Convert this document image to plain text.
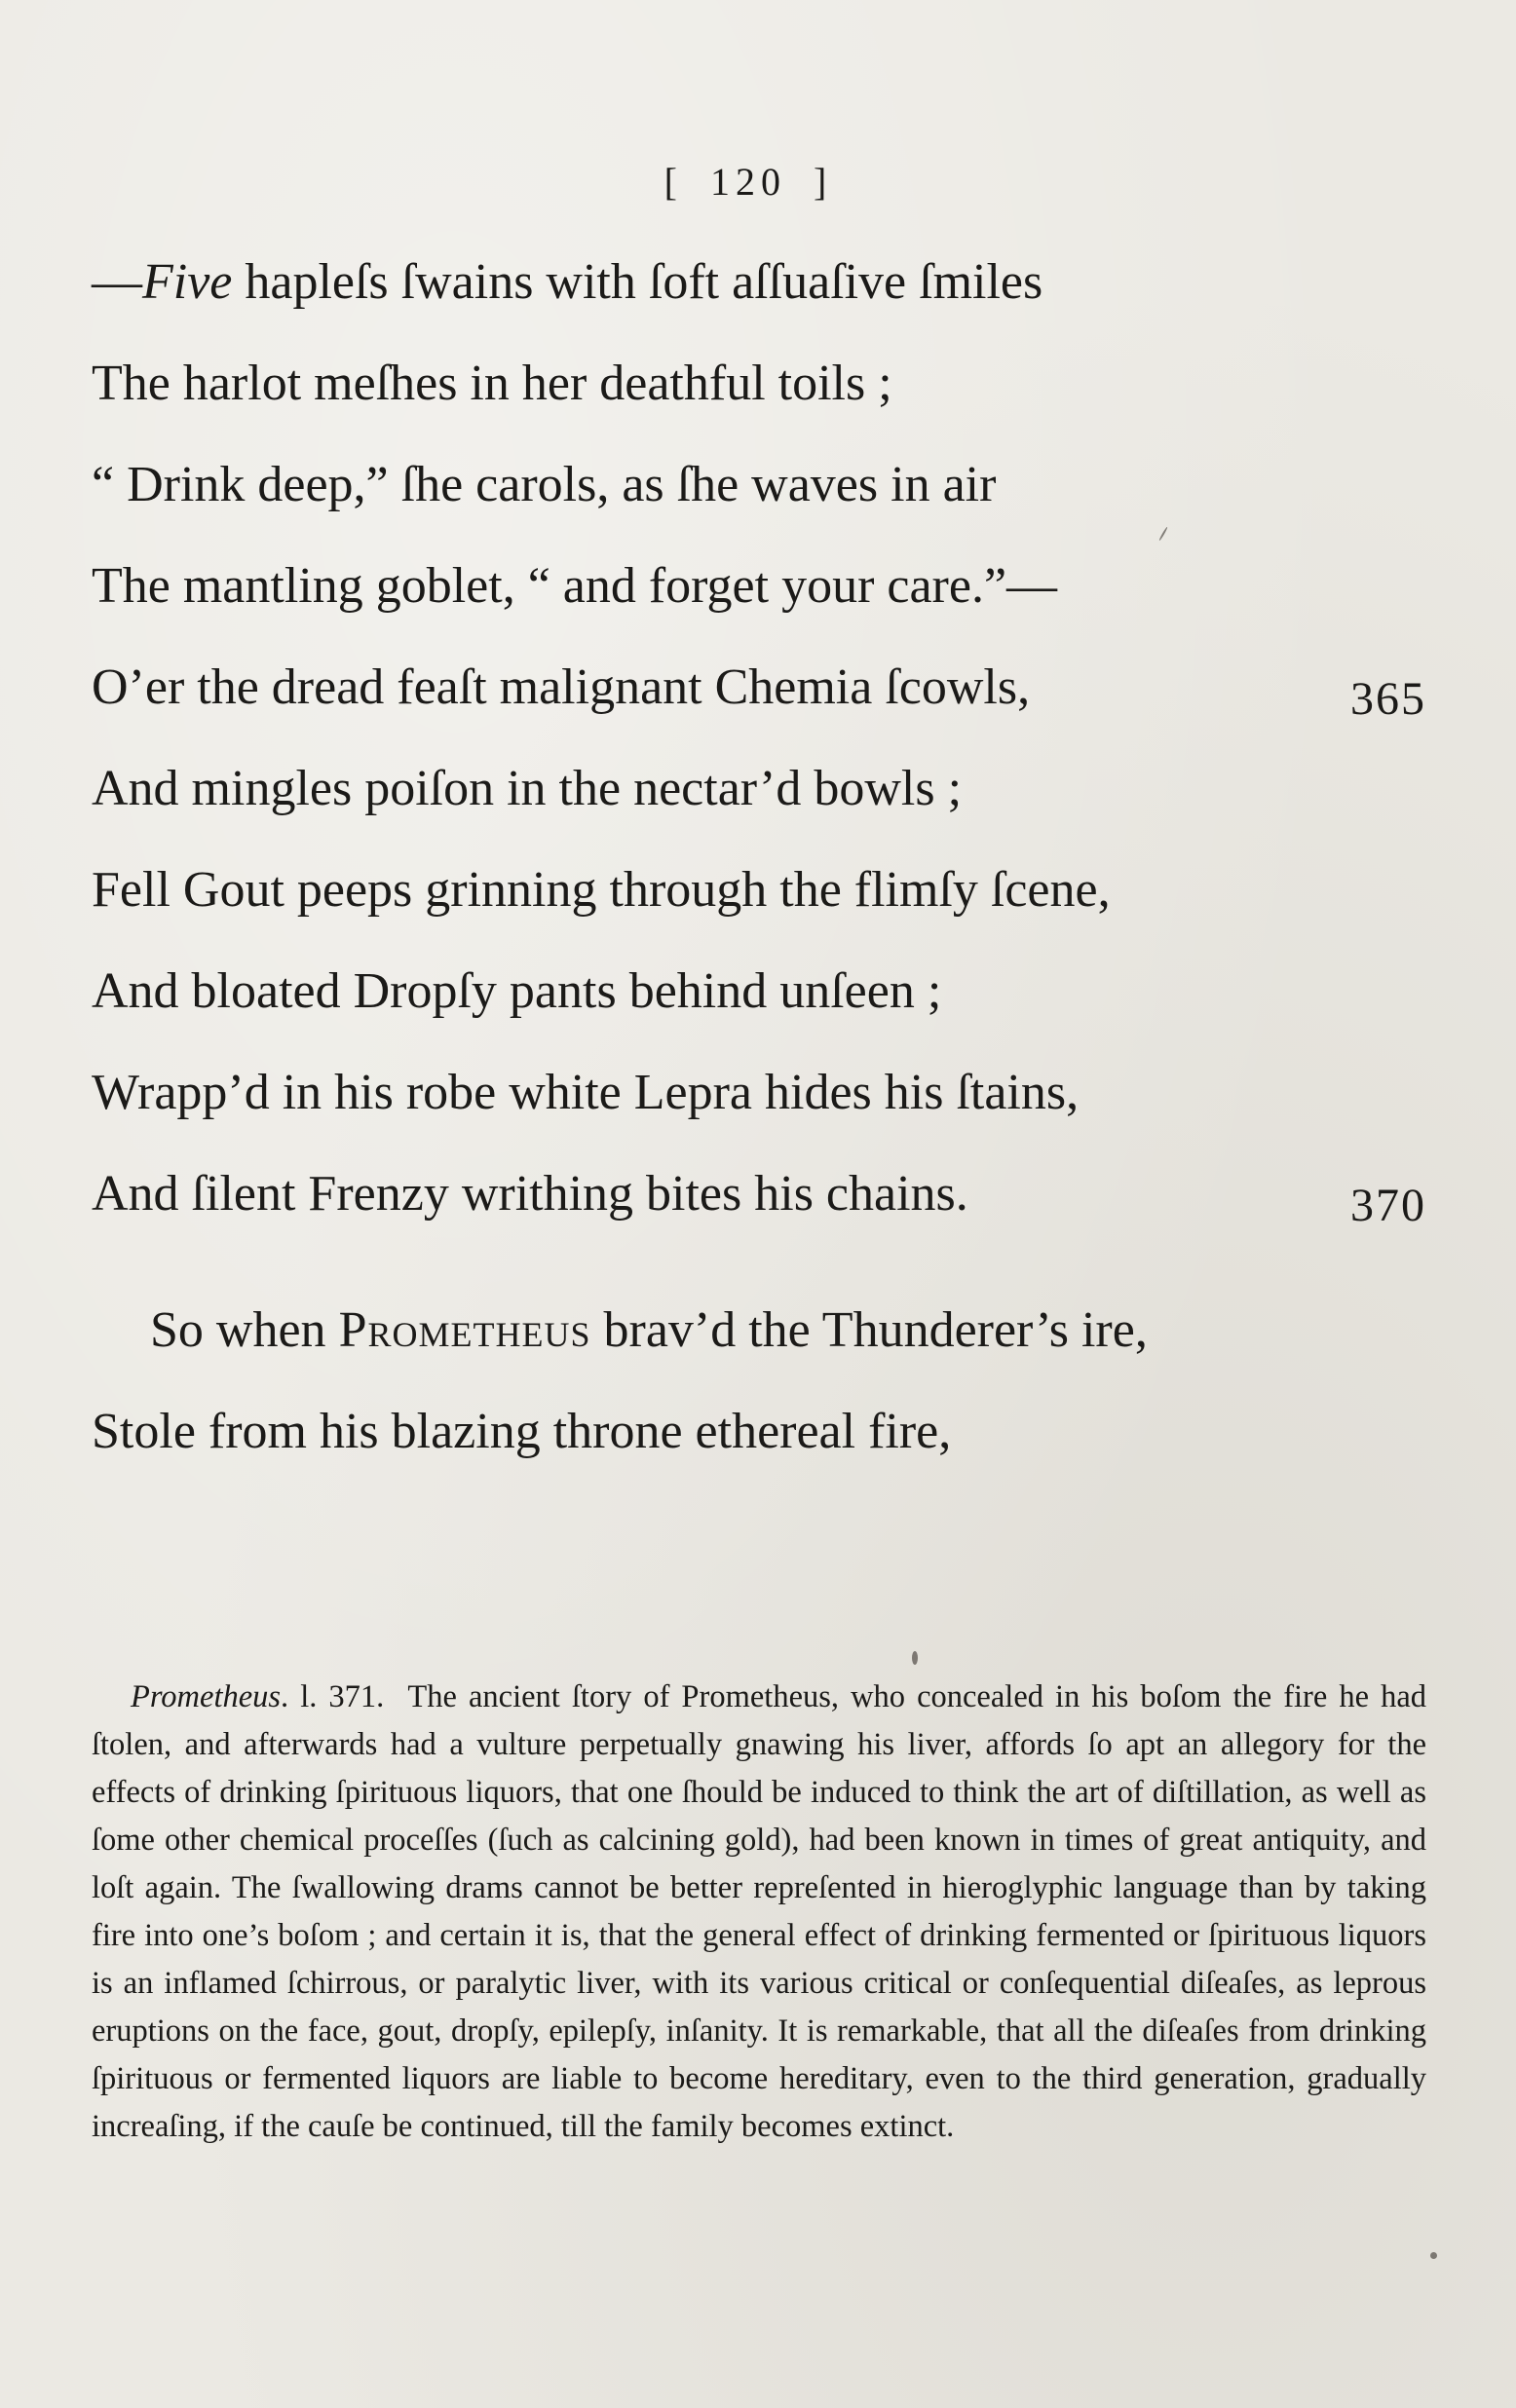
[ 120 ]
—Five hapleſs ſwains with ſoft aſſuaſive ſmiles
The harlot meſhes in her deathful toils ;
“ Drink deep,” ſhe carols, as ſhe waves in air
The mantling goblet, “ and forget your care.”—
O’er the dread feaſt malignant Chemia ſcowls,	365
And mingles poiſon in the nectar’d bowls ;
Fell Gout peeps grinning through the flimſy ſcene,
And bloated Dropſy pants behind unſeen ;
Wrapp’d in his robe white Lepra hides his ſtains,
And ſilent Frenzy writhing bites his chains.	370
So when Prometheus brav’d the Thunderer’s ire,
Stole from his blazing throne ethereal fire,

Prometheus. l. 371. The ancient ſtory of Prometheus, who concealed in his boſom the fire he had ſtolen, and afterwards had a vulture perpetually gnawing his liver, affords ſo apt an allegory for the effects of drinking ſpirituous liquors, that one ſhould be induced to think the art of diſtillation, as well as ſome other chemical proceſſes (ſuch as calcining gold), had been known in times of great antiquity, and loſt again. The ſwallowing drams cannot be better repreſented in hieroglyphic language than by taking fire into one’s boſom ; and certain it is, that the general effect of drinking fermented or ſpirituous liquors is an inflamed ſchirrous, or paralytic liver, with its various critical or conſequential diſeaſes, as leprous eruptions on the face, gout, dropſy, epilepſy, inſanity. It is remarkable, that all the diſeaſes from drinking ſpirituous or fermented liquors are liable to become hereditary, even to the third generation, gradually increaſing, if the cauſe be continued, till the family becomes extinct.
